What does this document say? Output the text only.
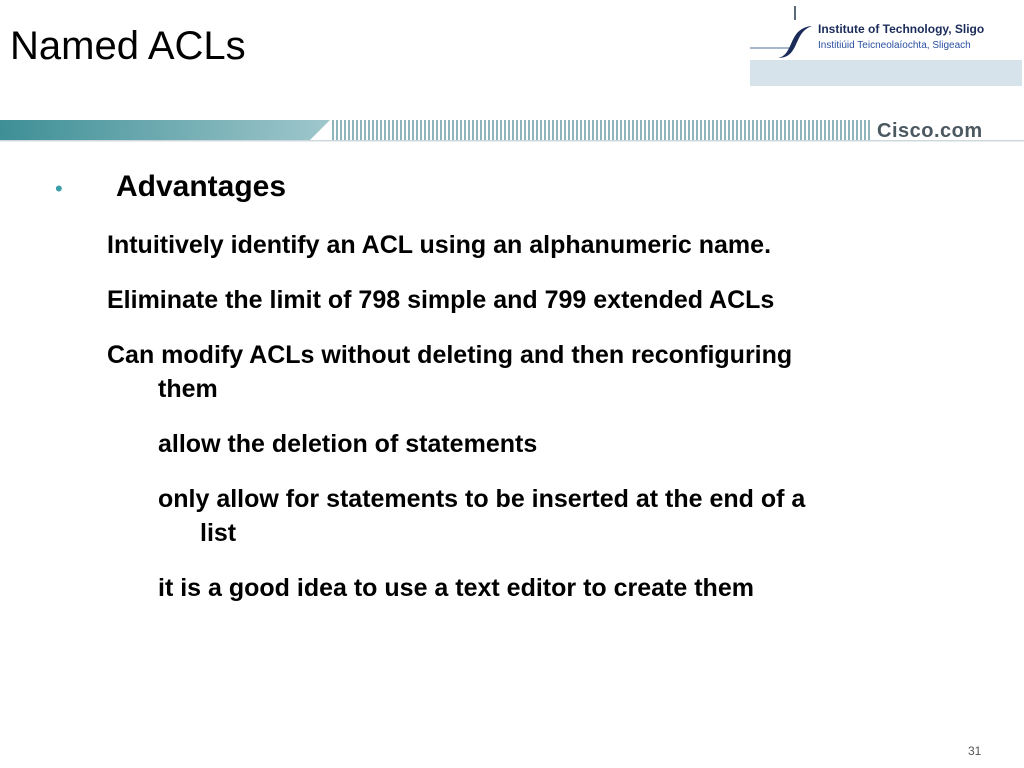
Named ACLs	Institute of Technology, Sligo
Institiúid Teicneolaíochta, Sligeach
Cisco.com
• Advantages
Intuitively identify an ACL using an alphanumeric name.
Eliminate the limit of 798 simple and 799 extended ACLs
Can modify ACLs without deleting and then reconfiguring
them
allow the deletion of statements
only allow for statements to be inserted at the end of a
list
it is a good idea to use a text editor to create them
31
